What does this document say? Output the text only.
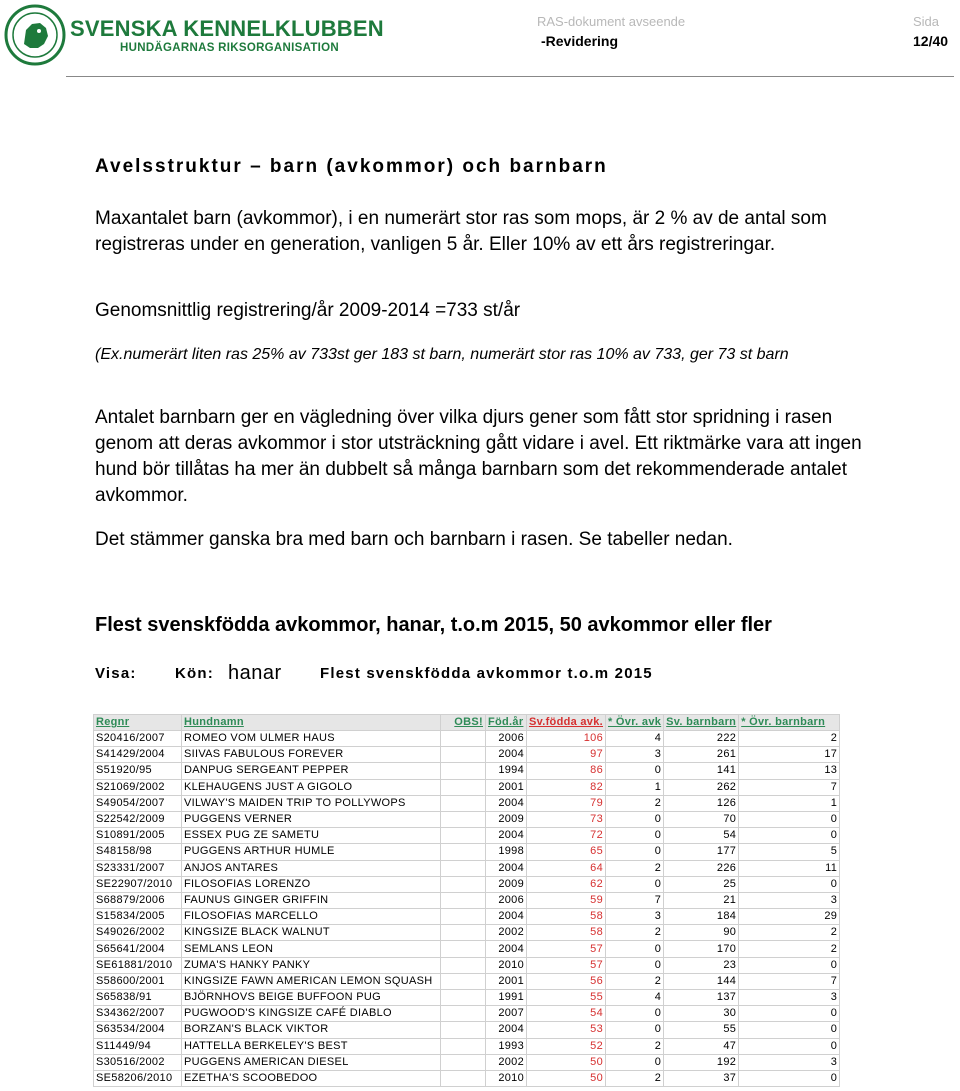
SVENSKA KENNELKLUBBEN
HUNDÄGARNAS RIKSORGANISATION
RAS-dokument avseende
-Revidering
Sida
12/40
Avelsstruktur – barn (avkommor) och barnbarn
Maxantalet barn (avkommor), i en numerärt stor ras som mops, är 2 % av de antal som registreras under en generation, vanligen 5 år. Eller 10% av ett års registreringar.
Genomsnittlig registrering/år 2009-2014 =733 st/år
(Ex.numerärt liten ras 25% av 733st ger 183 st barn, numerärt stor ras 10% av 733, ger 73 st barn
Antalet barnbarn ger en vägledning över vilka djurs gener som fått stor spridning i rasen genom att deras avkommor i stor utsträckning gått vidare i avel. Ett riktmärke vara att ingen hund bör tillåtas ha mer än dubbelt så många barnbarn som det rekommenderade antalet avkommor.
Det stämmer ganska bra med barn och barnbarn i rasen. Se tabeller nedan.
Flest svenskfödda avkommor, hanar, t.o.m 2015, 50 avkommor eller fler
Visa:	Kön: hanar	Flest svenskfödda avkommor t.o.m 2015
Regnr	Hundnamn	OBS!	Föd.år	Sv.födda avk.	* Övr. avk	Sv. barnbarn	* Övr. barnbarn
S20416/2007	ROMEO VOM ULMER HAUS		2006	106	4	222	2
S41429/2004	SIIVAS FABULOUS FOREVER		2004	97	3	261	17
S51920/95	DANPUG SERGEANT PEPPER		1994	86	0	141	13
S21069/2002	KLEHAUGENS JUST A GIGOLO		2001	82	1	262	7
S49054/2007	VILWAY'S MAIDEN TRIP TO POLLYWOPS		2004	79	2	126	1
S22542/2009	PUGGENS VERNER		2009	73	0	70	0
S10891/2005	ESSEX PUG ZE SAMETU		2004	72	0	54	0
S48158/98	PUGGENS ARTHUR HUMLE		1998	65	0	177	5
S23331/2007	ANJOS ANTARES		2004	64	2	226	11
SE22907/2010	FILOSOFIAS LORENZO		2009	62	0	25	0
S68879/2006	FAUNUS GINGER GRIFFIN		2006	59	7	21	3
S15834/2005	FILOSOFIAS MARCELLO		2004	58	3	184	29
S49026/2002	KINGSIZE BLACK WALNUT		2002	58	2	90	2
S65641/2004	SEMLANS LEON		2004	57	0	170	2
SE61881/2010	ZUMA'S HANKY PANKY		2010	57	0	23	0
S58600/2001	KINGSIZE FAWN AMERICAN LEMON SQUASH		2001	56	2	144	7
S65838/91	BJÖRNHOVS BEIGE BUFFOON PUG		1991	55	4	137	3
S34362/2007	PUGWOOD'S KINGSIZE CAFÉ DIABLO		2007	54	0	30	0
S63534/2004	BORZAN'S BLACK VIKTOR		2004	53	0	55	0
S11449/94	HATTELLA BERKELEY'S BEST		1993	52	2	47	0
S30516/2002	PUGGENS AMERICAN DIESEL		2002	50	0	192	3
SE58206/2010	EZETHA'S SCOOBEDOO		2010	50	2	37	0
